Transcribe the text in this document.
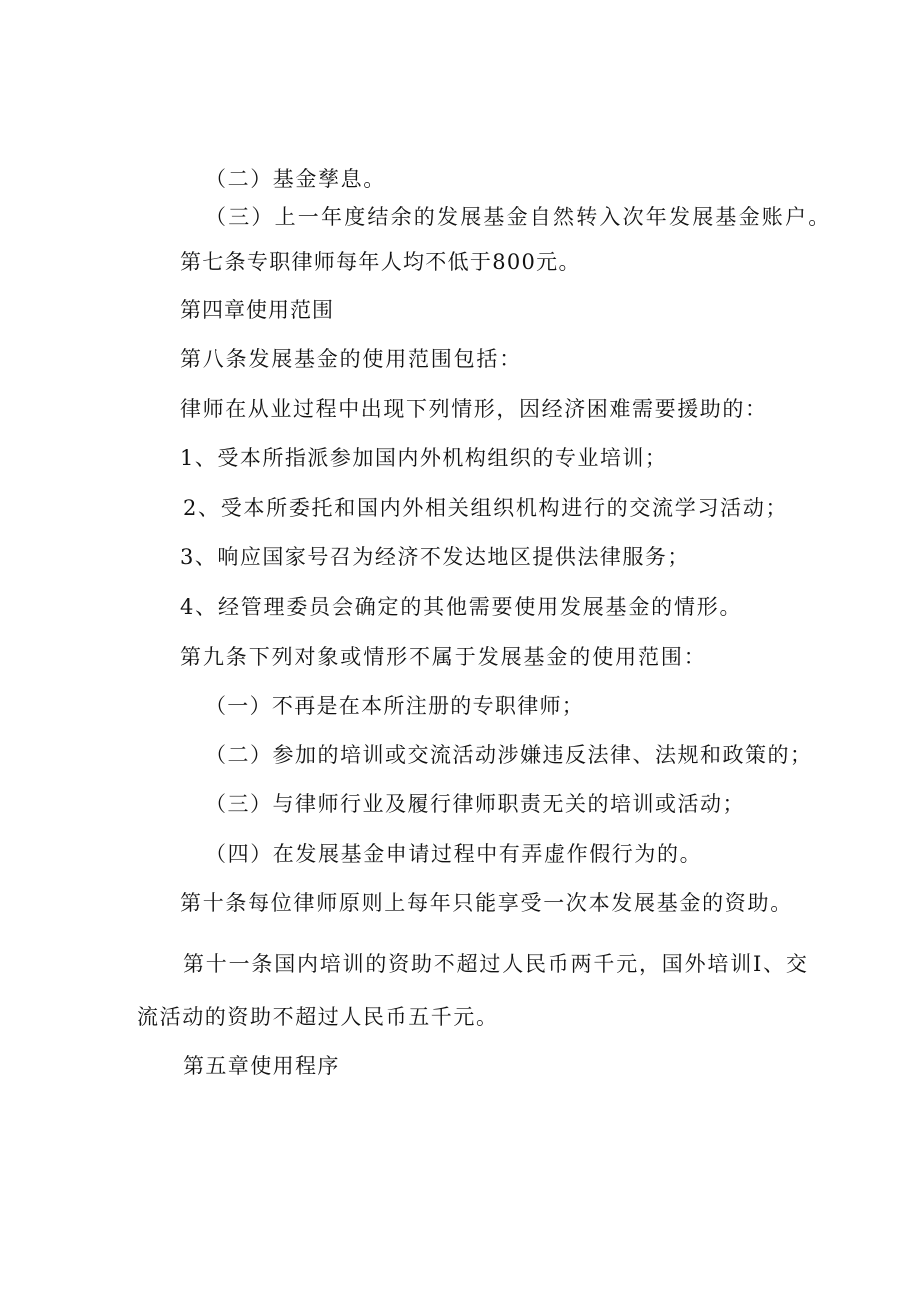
（二）基金孳息。

（三）上一年度结余的发展基金自然转入次年发展基金账户。

第七条专职律师每年人均不低于800元。

第四章使用范围

第八条发展基金的使用范围包括：

律师在从业过程中出现下列情形，因经济困难需要援助的：

1、受本所指派参加国内外机构组织的专业培训；

2、受本所委托和国内外相关组织机构进行的交流学习活动；

3、响应国家号召为经济不发达地区提供法律服务；

4、经管理委员会确定的其他需要使用发展基金的情形。

第九条下列对象或情形不属于发展基金的使用范围：

（一）不再是在本所注册的专职律师；

（二）参加的培训或交流活动涉嫌违反法律、法规和政策的；

（三）与律师行业及履行律师职责无关的培训或活动；

（四）在发展基金申请过程中有弄虚作假行为的。

第十条每位律师原则上每年只能享受一次本发展基金的资助。

第十一条国内培训的资助不超过人民币两千元，国外培训I、交

流活动的资助不超过人民币五千元。

第五章使用程序
